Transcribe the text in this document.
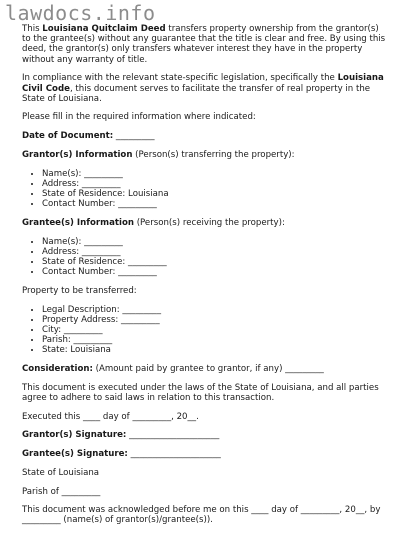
lawdocs.info

This Louisiana Quitclaim Deed transfers property ownership from the grantor(s) to the grantee(s) without any guarantee that the title is clear and free. By using this deed, the grantor(s) only transfers whatever interest they have in the property without any warranty of title.

In compliance with the relevant state-specific legislation, specifically the Louisiana Civil Code, this document serves to facilitate the transfer of real property in the State of Louisiana.

Please fill in the required information where indicated:

Date of Document: _________

Grantor(s) Information (Person(s) transferring the property):

• Name(s): _________
• Address: _________
• State of Residence: Louisiana
• Contact Number: _________

Grantee(s) Information (Person(s) receiving the property):

• Name(s): _________
• Address: _________
• State of Residence: _________
• Contact Number: _________

Property to be transferred:

• Legal Description: _________
• Property Address: _________
• City: _________
• Parish: _________
• State: Louisiana

Consideration: (Amount paid by grantee to grantor, if any) _________

This document is executed under the laws of the State of Louisiana, and all parties agree to adhere to said laws in relation to this transaction.

Executed this ____ day of _________, 20__.

Grantor(s) Signature: _____________________

Grantee(s) Signature: _____________________

State of Louisiana

Parish of _________

This document was acknowledged before me on this ____ day of _________, 20__, by _________ (name(s) of grantor(s)/grantee(s)).
